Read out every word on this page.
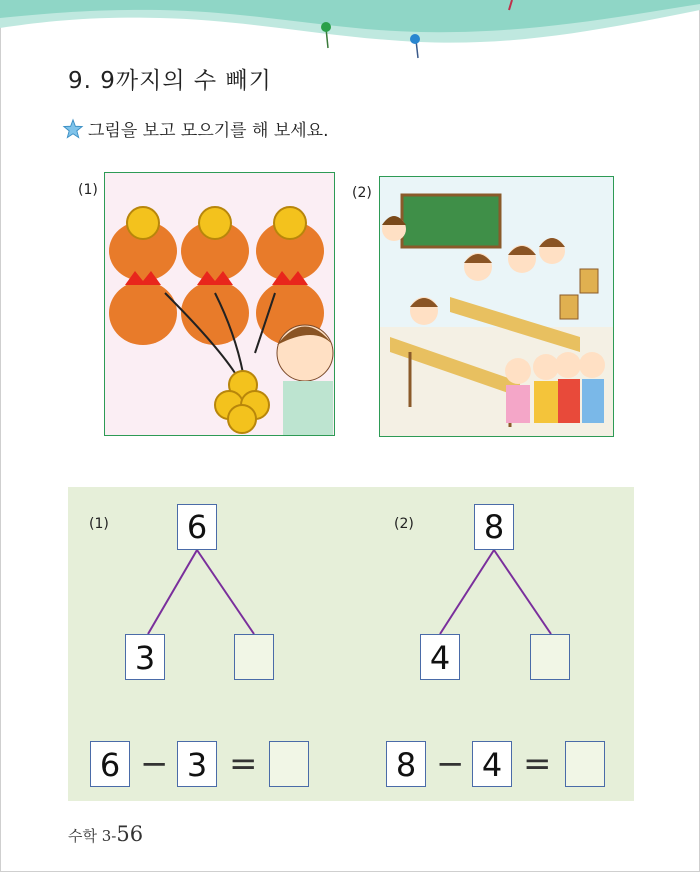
9. 9까지의 수 빼기
그림을 보고 모으기를 해 보세요.
(1)	(2)
(1)	6
3
6 − 3 =
(2)	8
4
8 − 4 =
수학 3-56
